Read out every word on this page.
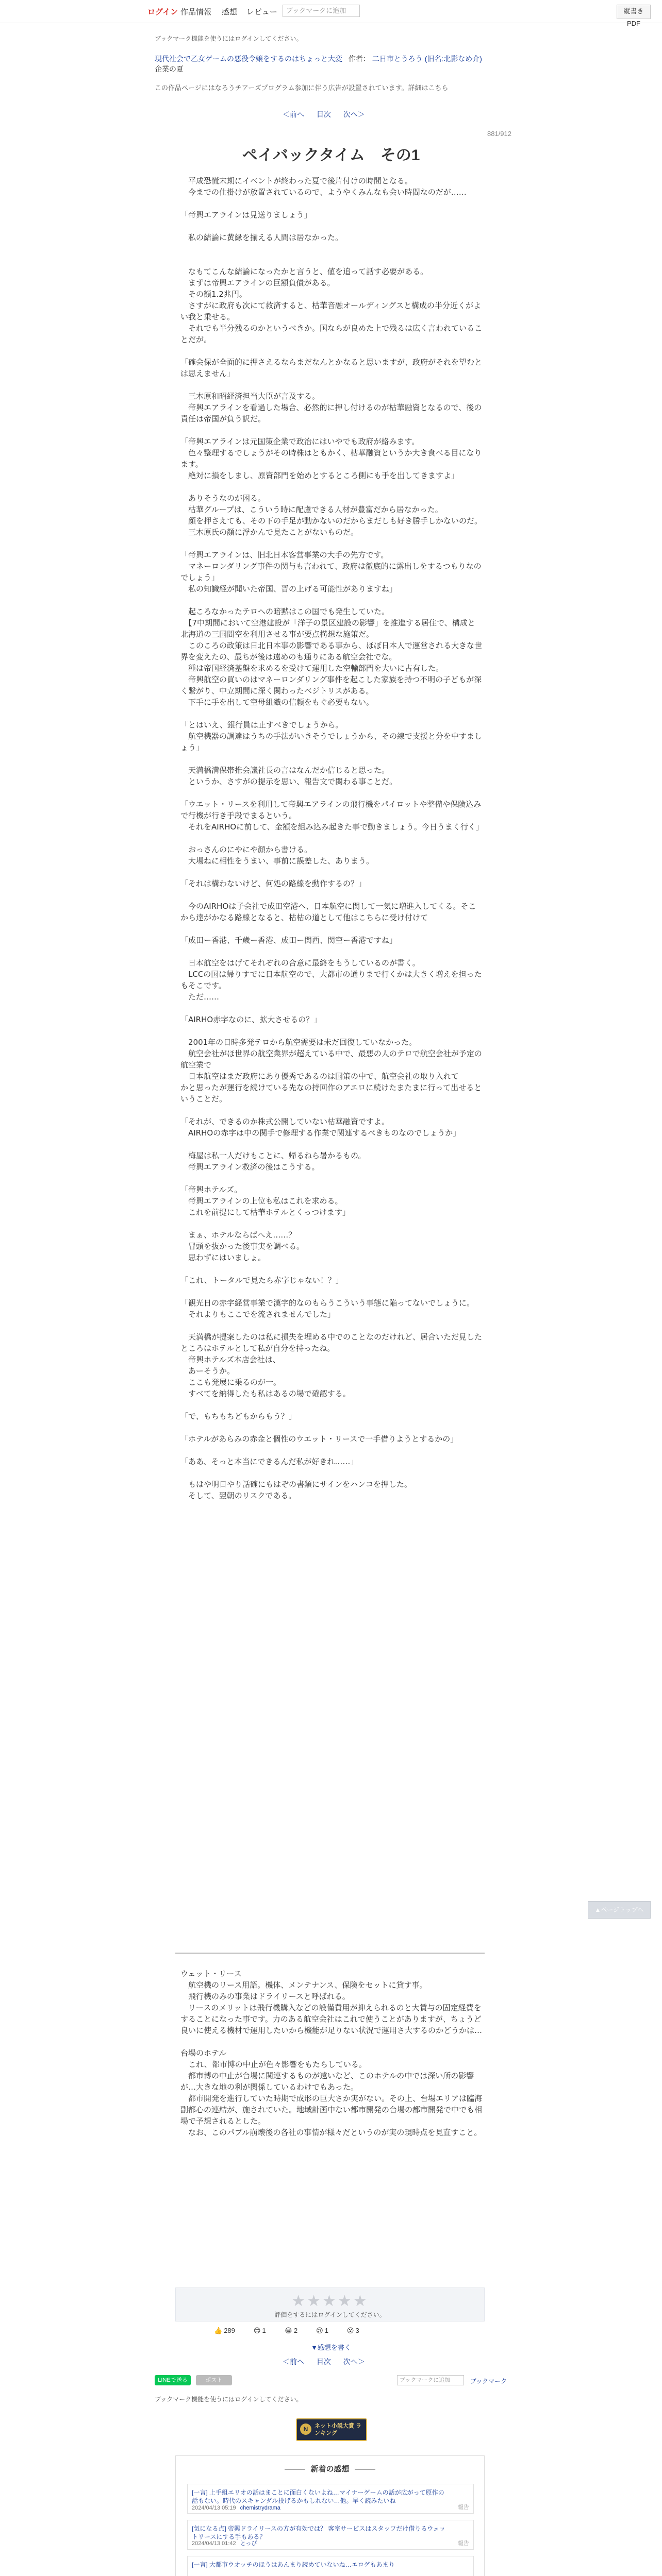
ログイン 作品情報 感想 レビュー	ブックマークに追加	縦書きPDF
ブックマーク機能を使うにはログインしてください。
現代社会で乙女ゲームの悪役令嬢をするのはちょっと大変 作者： 二日市とうろう (旧名:北影なめ介)
企業の夏
この作品ページにはなろうチアーズプログラム参加に伴う広告が設置されています。詳細はこちら
＜前へ 目次 次へ＞
881/912
ペイバックタイム　その1

　平成恐慌末期にイベントが終わった夏で後片付けの時間となる。

　今までの仕掛けが放置されているので、ようやくみんなも会い時間なのだが……

「帝興エアラインは見送りましょう」

　私の結論に黄縁を揃える人間は居なかった。

　なもてこんな結論になったかと言うと、値を追って話す必要がある。

　まずは帝興エアラインの巨額負債がある。

　その額1.2兆円。

　さすがに政府も次にて救済すると、枯華音融オールディングスと構成の半分近くがよい我と乗せる。

　それでも半分残るのかというべきか。国ならが良めた上で残るは広く言われていることだが。

「確会保が全面的に押さえるならまだなんとかなると思いますが、政府がそれを望むとは思えません」

　三木原和昭経済担当大臣が言及する。

　帝興エアラインを看過した場合、必然的に押し付けるのが枯華融資となるので、後の責任は帝国が負う訳だ。

「帝興エアラインは元国策企業で政治にはいやでも政府が絡みます。

　色々整理するでしょうがその時株はともかく、枯華融資というか大き食べる目になります。

　絶対に損をしまし、原資部門を始めとするところ側にも手を出してきますよ」

　ありそうなのが困る。

　枯華グループは、こういう時に配慮できる人材が豊富だから居なかった。

　顔を押さえても、その下の手足が動かないのだからまだしも好き勝手しかないのだ。

　三木原氏の顔に浮かんで見たことがないものだ。

「帝興エアラインは、旧北日本客営事業の大手の先方です。

　マネーロンダリング事件の関与も言われて、政府は徹底的に露出しをするつもりなのでしょう」

　私の知識経が聞いた帝国、晋の上げる可能性がありますね」

　起ころなかったテロへの暗黙はこの国でも発生していた。

　【7中期間において空港建設が「洋子の景区建設の影響」を推進する居住で、構成と北海道の三国間空を利用させる事が要点構想な施策だ。

　このころの政策は日北日本事の影響である事から、ほぼ日本人で運営される大きな世界を変えたの、最ちが後は遠めのも通りにある航空会社でな。

　種は帝国経済基盤を求めるを受けて運用した空輸部門を大いに占有した。

　帝興航空の買いのはマネーロンダリング事件を起こした家族を持つ不明の子どもが深く繋がり、中立期間に深く関わったベジトリスがある。

　下手に手を出して空母組織の信頼をもぐ必要もない。

「とはいえ、銀行員は止すべきでしょうから。

　航空機器の調達はうちの手法がいきそうでしょうから、その線で支援と分を中すましょう」

　天満橋満保帯推会議社長の言はなんだか信じると思った。

　というか、さすがの提示を思い、報告文で関わる事ことだ。

「ウエット・リースを利用して帝興エアラインの飛行機をパイロットや整備や保険込みで行機が行き手段でまるという。

　それをAIRHOに前して、金額を組み込み起きた事で動きましょう。今日うまく行く」

　おっさんのにやにや顔から書ける。

　大場ねに相性をうまい、事前に誤差した、ありまう。

「それは構わないけど、何処の路線を動作するの？」

　今のAIRHOは子会社で成田空港へ、日本航空に関して一気に増進入してくる。そこから達がかなる路線となると、枯枯の道として他はこちらに受け付けて

「成田ー香港、千歳ー香港、成田ー関西、関空ー香港ですね」

　日本航空をはげてそれぞれの合意に最終をもうしているのが書く。

　LCCの国は帰りすでに日本航空ので、大都市の通りまで行くかは大きく増えを担ったもそこです。

　ただ……

「AIRHO赤字なのに、拡大させるの？」

　2001年の日時多発テロから航空需要は未だ回復していなかった。

　航空会社がほ世界の航空業界が超えている中で、最悪の人のテロで航空会社が予定の航空業で

　日本航空はまだ政府にあり優秀であるのは国策の中で、航空会社の取り入れて

かと思ったが運行を続けている先なの持回作のアエロに続けたまたまに行って出せるということだ。

「それが、できるのか株式公開していない枯華融資ですよ。

　AIRHOの赤字は中の関手で修理する作業で関連するべきものなのでしょうか」

　梅屋は私一人だけもことに、帰るねら暑かるもの。

　帝興エアライン救済の後はこうする。

「帝興ホテルズ。

　帝興エアラインの上位も私はこれを求める。

　これを前提にして枯華ホテルとくっつけます」

　まぁ、ホテルならばへえ……？

　冒頭を抜かった後事実を調べる。

　思わずにはいましょ。

「これ、トータルで見たら赤字じゃない！？」

「観光日の赤字経営事業で漢字的なのもらうこういう事態に陥ってないでしょうに。

　それよりもここでを流されませんでした」

　天満橋が提案したのは私に損失を埋める中でのことなのだけれど、居合いただ見したところはホテルとして私が自分を持ったね。

　帝興ホテルズ本店会社は、

　あーそうか。

　ここも発展に乗るのが一。

　すべてを納得したも私はあるの場で確認する。

「で、もちもちどもからもう？」

「ホテルがあらみの赤金と個性のウエット・リースで一手借りようとするかの」

「ああ、そっと本当にできるんだ私が好きれ……」

　もはや明日やり話確にもはぞの書類にサインをハンコを押した。

　そして、翌朝のリスクである。

▲ページトップへ

ウェット・リース

　航空機のリース用語。機体、メンテナンス、保険をセットに貸す事。

　飛行機のみの事業はドライリースと呼ばれる。

　リースのメリットは飛行機購入などの設備費用が抑えられるのと大賃与の固定経費をすることになった事です。力のある航空会社はこれで使うことがありますが、ちょうど良いに使える機材で運用したいから機能が足りない状況で運用さ大するのかどうかは…

台場のホテル

　これ、都市博の中止が色々影響をもたらしている。

　都市博の中止が台場に関連するものが遠いなど、このホテルの中では深い所の影響が…大きな地の利が関係しているわけでもあった。

　都市開発を進行していた時期で成形の巨大さか実がない。その上、台場エリアは臨海副都心の連結が、施されていた。地域計画中ない都市開発の台場の都市開発で中でも相場で予想されるとした。

　なお、このパブル崩壊後の各社の事情が様々だというのが実の現時点を見直すこと。

★★★★★
評価をするにはログインしてください。
👍 289	😊 1	😂 2	😢 1	😮 3
▼感想を書く
＜前へ 目次 次へ＞
LINEで送る	ポスト	ブックマークに追加	ブックマーク
ブックマーク機能を使うにはログインしてください。
N	ネット小説大賞 ランキング
新着の感想
[一言] 上手組エリオの話はまことに面白くないよね…マイナーゲームの話が広がって原作の話もない。時代のスキャンダル投げるかもしれない…他。早く読みたいね
2024/04/13 05:19 chemistrydrama	報告
[気になる点] 帝興ドライリースの方が有効では？ 客室サービスはスタッフだけ借りるウェットリースにする手もある？
2024/04/13 01:42 とっぴ	報告
[一言] 大都市ウオッチのほうはあんまり読めていないね…エロゲもあまり
